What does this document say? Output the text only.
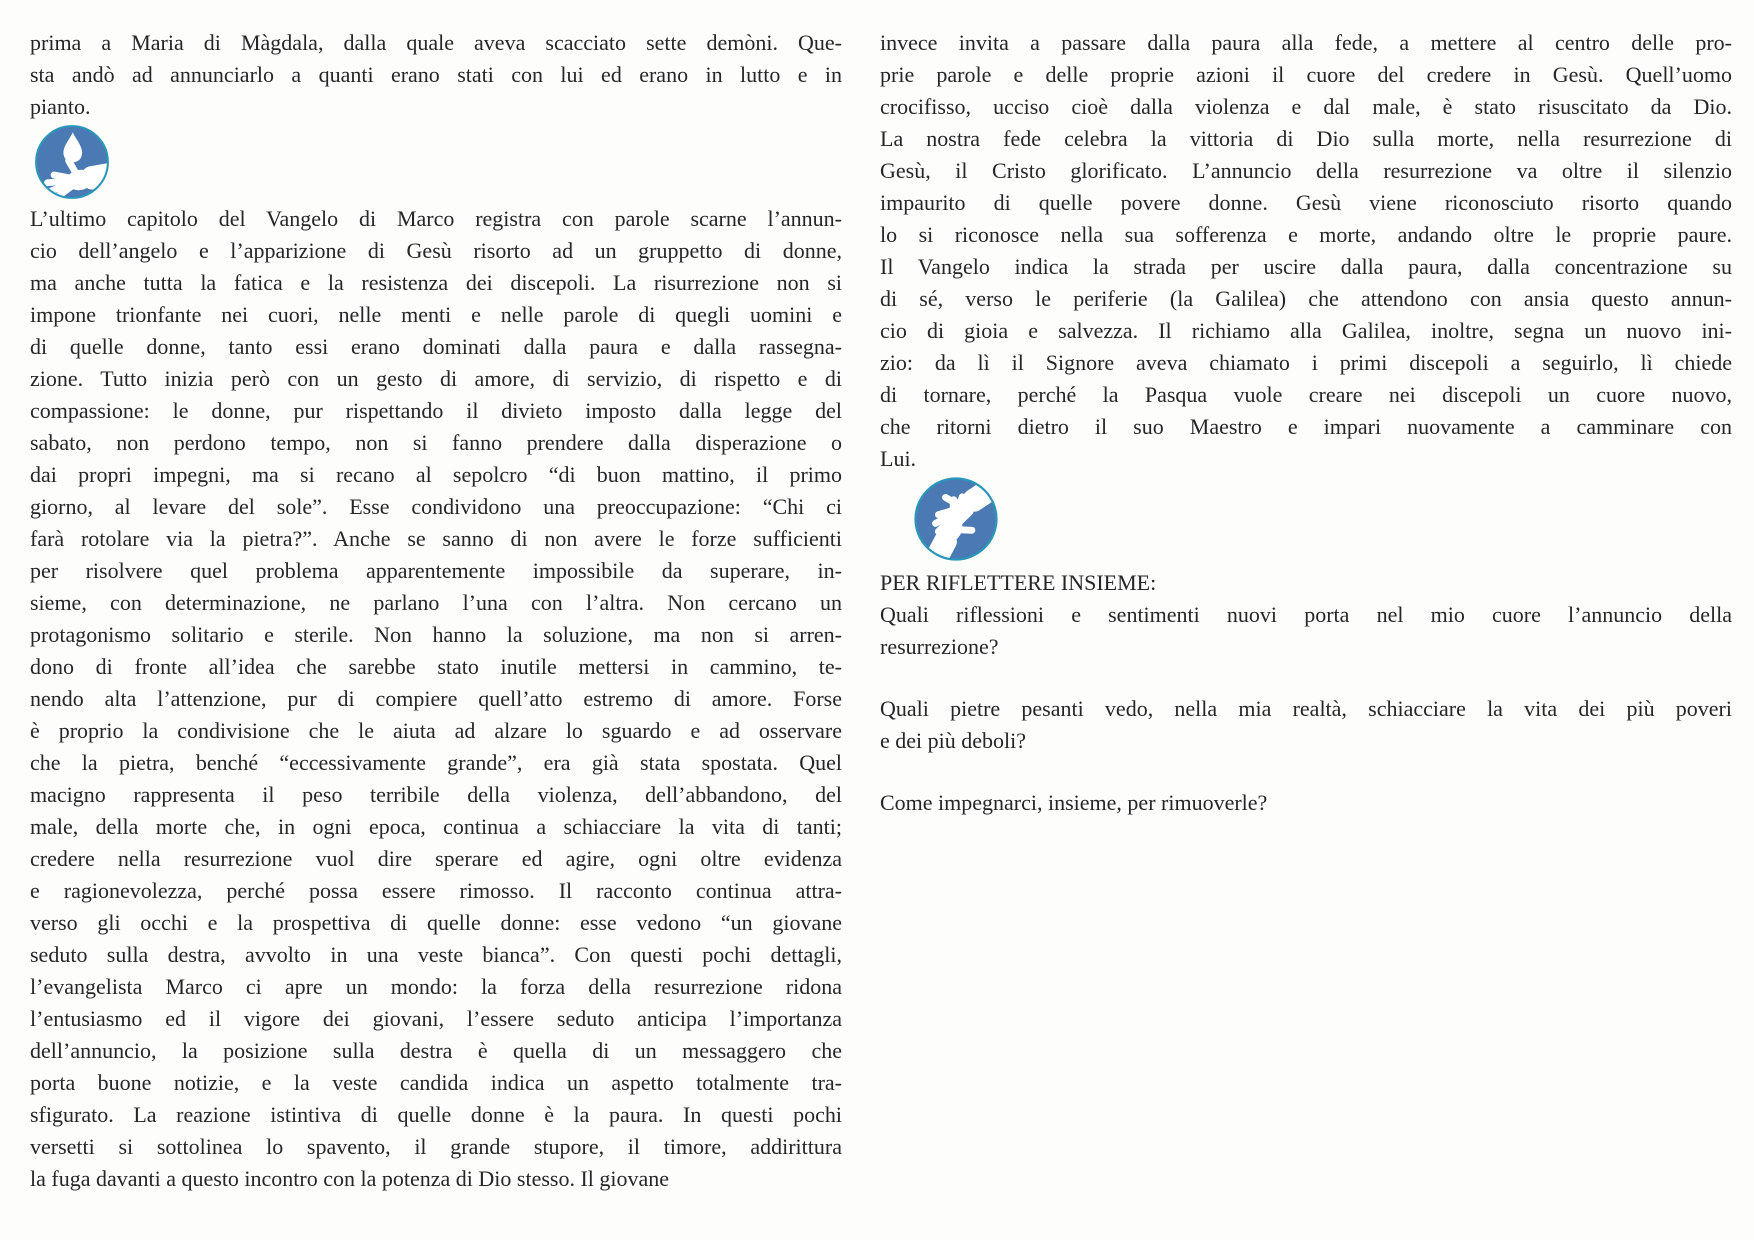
prima a Maria di Màgdala, dalla quale aveva scacciato sette demòni. Que-
sta andò ad annunciarlo a quanti erano stati con lui ed erano in lutto e in
pianto.
L’ultimo capitolo del Vangelo di Marco registra con parole scarne l’annun-
cio dell’angelo e l’apparizione di Gesù risorto ad un gruppetto di donne,
ma anche tutta la fatica e la resistenza dei discepoli. La risurrezione non si
impone trionfante nei cuori, nelle menti e nelle parole di quegli uomini e
di quelle donne, tanto essi erano dominati dalla paura e dalla rassegna-
zione. Tutto inizia però con un gesto di amore, di servizio, di rispetto e di
compassione: le donne, pur rispettando il divieto imposto dalla legge del
sabato, non perdono tempo, non si fanno prendere dalla disperazione o
dai propri impegni, ma si recano al sepolcro “di buon mattino, il primo
giorno, al levare del sole”. Esse condividono una preoccupazione: “Chi ci
farà rotolare via la pietra?”. Anche se sanno di non avere le forze sufficienti
per risolvere quel problema apparentemente impossibile da superare, in-
sieme, con determinazione, ne parlano l’una con l’altra. Non cercano un
protagonismo solitario e sterile. Non hanno la soluzione, ma non si arren-
dono di fronte all’idea che sarebbe stato inutile mettersi in cammino, te-
nendo alta l’attenzione, pur di compiere quell’atto estremo di amore. Forse
è proprio la condivisione che le aiuta ad alzare lo sguardo e ad osservare
che la pietra, benché “eccessivamente grande”, era già stata spostata. Quel
macigno rappresenta il peso terribile della violenza, dell’abbandono, del
male, della morte che, in ogni epoca, continua a schiacciare la vita di tanti;
credere nella resurrezione vuol dire sperare ed agire, ogni oltre evidenza
e ragionevolezza, perché possa essere rimosso. Il racconto continua attra-
verso gli occhi e la prospettiva di quelle donne: esse vedono “un giovane
seduto sulla destra, avvolto in una veste bianca”. Con questi pochi dettagli,
l’evangelista Marco ci apre un mondo: la forza della resurrezione ridona
l’entusiasmo ed il vigore dei giovani, l’essere seduto anticipa l’importanza
dell’annuncio, la posizione sulla destra è quella di un messaggero che
porta buone notizie, e la veste candida indica un aspetto totalmente tra-
sfigurato. La reazione istintiva di quelle donne è la paura. In questi pochi
versetti si sottolinea lo spavento, il grande stupore, il timore, addirittura
la fuga davanti a questo incontro con la potenza di Dio stesso. Il giovane
invece invita a passare dalla paura alla fede, a mettere al centro delle pro-
prie parole e delle proprie azioni il cuore del credere in Gesù. Quell’uomo
crocifisso, ucciso cioè dalla violenza e dal male, è stato risuscitato da Dio.
La nostra fede celebra la vittoria di Dio sulla morte, nella resurrezione di
Gesù, il Cristo glorificato. L’annuncio della resurrezione va oltre il silenzio
impaurito di quelle povere donne. Gesù viene riconosciuto risorto quando
lo si riconosce nella sua sofferenza e morte, andando oltre le proprie paure.
Il Vangelo indica la strada per uscire dalla paura, dalla concentrazione su
di sé, verso le periferie (la Galilea) che attendono con ansia questo annun-
cio di gioia e salvezza. Il richiamo alla Galilea, inoltre, segna un nuovo ini-
zio: da lì il Signore aveva chiamato i primi discepoli a seguirlo, lì chiede
di tornare, perché la Pasqua vuole creare nei discepoli un cuore nuovo,
che ritorni dietro il suo Maestro e impari nuovamente a camminare con
Lui.
PER RIFLETTERE INSIEME:
Quali riflessioni e sentimenti nuovi porta nel mio cuore l’annuncio della
resurrezione?
Quali pietre pesanti vedo, nella mia realtà, schiacciare la vita dei più poveri
e dei più deboli?
Come impegnarci, insieme, per rimuoverle?
